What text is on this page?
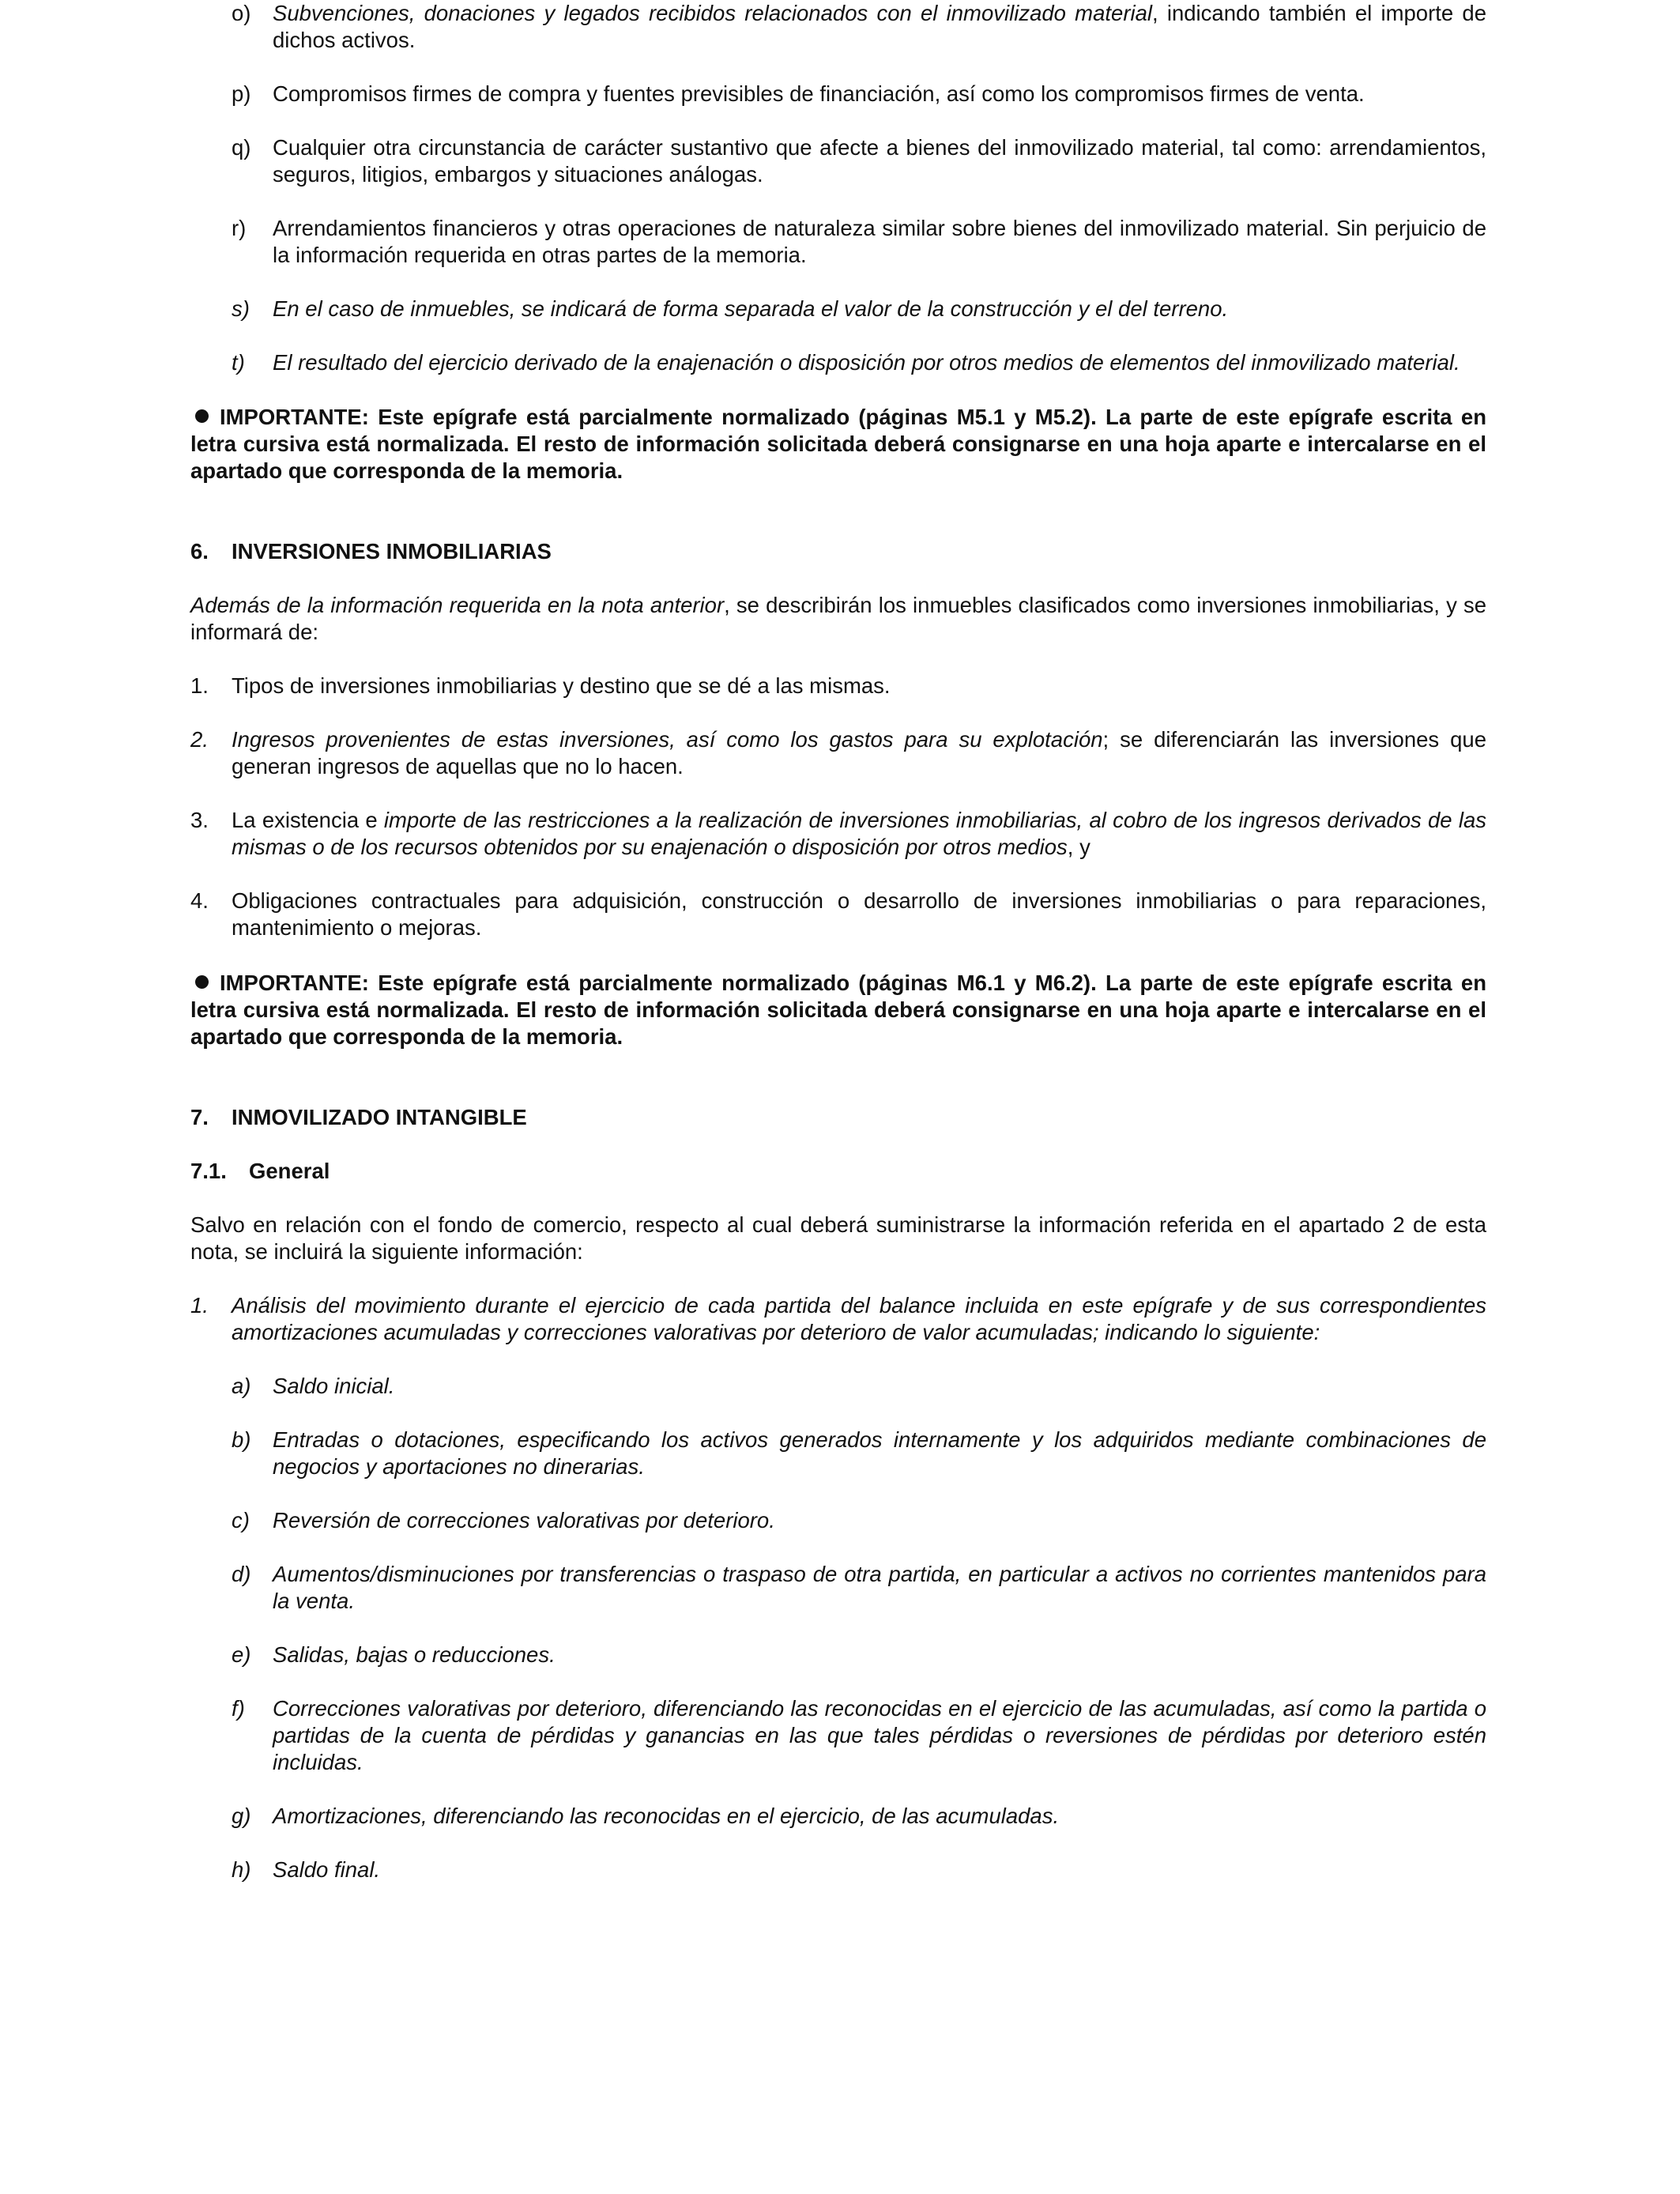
o) Subvenciones, donaciones y legados recibidos relacionados con el inmovilizado material, indicando también el importe de dichos activos.
p) Compromisos firmes de compra y fuentes previsibles de financiación, así como los compromisos firmes de venta.
q) Cualquier otra circunstancia de carácter sustantivo que afecte a bienes del inmovilizado material, tal como: arrendamientos, seguros, litigios, embargos y situaciones análogas.
r) Arrendamientos financieros y otras operaciones de naturaleza similar sobre bienes del inmovilizado material. Sin perjuicio de la información requerida en otras partes de la memoria.
s) En el caso de inmuebles, se indicará de forma separada el valor de la construcción y el del terreno.
t) El resultado del ejercicio derivado de la enajenación o disposición por otros medios de elementos del inmovilizado material.
IMPORTANTE: Este epígrafe está parcialmente normalizado (páginas M5.1 y M5.2). La parte de este epígrafe escrita en letra cursiva está normalizada. El resto de información solicitada deberá consignarse en una hoja aparte e intercalarse en el apartado que corresponda de la memoria.
6. INVERSIONES INMOBILIARIAS
Además de la información requerida en la nota anterior, se describirán los inmuebles clasificados como inversiones inmobiliarias, y se informará de:
1. Tipos de inversiones inmobiliarias y destino que se dé a las mismas.
2. Ingresos provenientes de estas inversiones, así como los gastos para su explotación; se diferenciarán las inversiones que generan ingresos de aquellas que no lo hacen.
3. La existencia e importe de las restricciones a la realización de inversiones inmobiliarias, al cobro de los ingresos derivados de las mismas o de los recursos obtenidos por su enajenación o disposición por otros medios, y
4. Obligaciones contractuales para adquisición, construcción o desarrollo de inversiones inmobiliarias o para reparaciones, mantenimiento o mejoras.
IMPORTANTE: Este epígrafe está parcialmente normalizado (páginas M6.1 y M6.2). La parte de este epígrafe escrita en letra cursiva está normalizada. El resto de información solicitada deberá consignarse en una hoja aparte e intercalarse en el apartado que corresponda de la memoria.
7. INMOVILIZADO INTANGIBLE
7.1. General
Salvo en relación con el fondo de comercio, respecto al cual deberá suministrarse la información referida en el apartado 2 de esta nota, se incluirá la siguiente información:
1. Análisis del movimiento durante el ejercicio de cada partida del balance incluida en este epígrafe y de sus correspondientes amortizaciones acumuladas y correcciones valorativas por deterioro de valor acumuladas; indicando lo siguiente:
a) Saldo inicial.
b) Entradas o dotaciones, especificando los activos generados internamente y los adquiridos mediante combinaciones de negocios y aportaciones no dinerarias.
c) Reversión de correcciones valorativas por deterioro.
d) Aumentos/disminuciones por transferencias o traspaso de otra partida, en particular a activos no corrientes mantenidos para la venta.
e) Salidas, bajas o reducciones.
f) Correcciones valorativas por deterioro, diferenciando las reconocidas en el ejercicio de las acumuladas, así como la partida o partidas de la cuenta de pérdidas y ganancias en las que tales pérdidas o reversiones de pérdidas por deterioro estén incluidas.
g) Amortizaciones, diferenciando las reconocidas en el ejercicio, de las acumuladas.
h) Saldo final.
